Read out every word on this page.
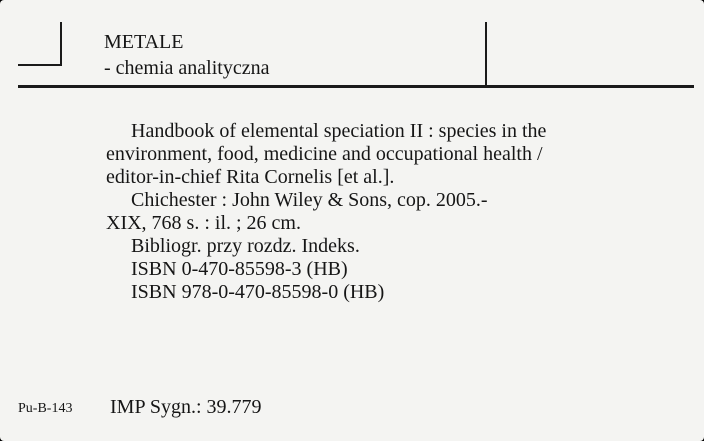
METALE
- chemia analityczna
Handbook of elemental speciation II : species in the
environment, food, medicine and occupational health /
editor-in-chief Rita Cornelis [et al.].
Chichester : John Wiley & Sons, cop. 2005.-
XIX, 768 s. : il. ; 26 cm.
Bibliogr. przy rozdz. Indeks.
ISBN 0-470-85598-3 (HB)
ISBN 978-0-470-85598-0 (HB)
Pu-B-143 IMP Sygn.: 39.779
